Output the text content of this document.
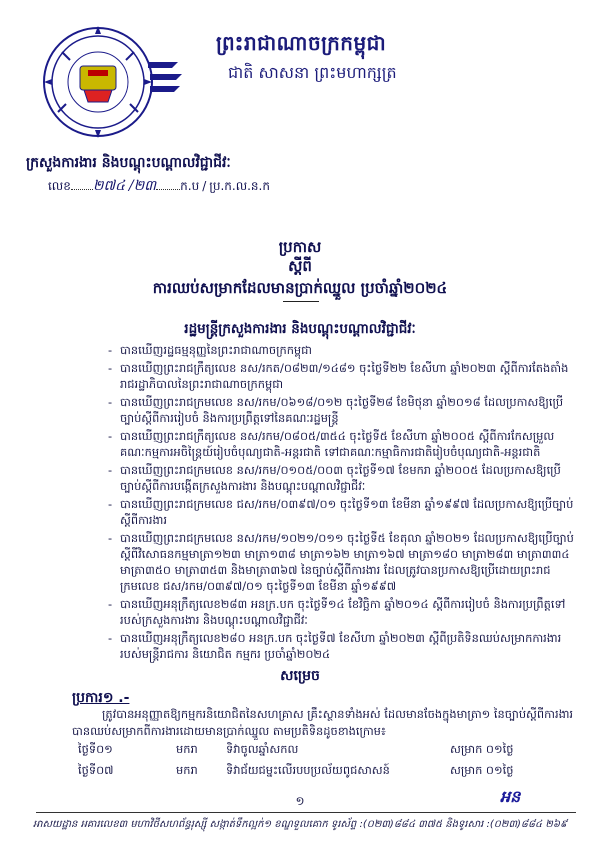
ព្រះរាជាណាចក្រកម្ពុជា
ជាតិ សាសនា ព្រះមហាក្សត្រ
ក្រសួងការងារ និងបណ្តុះបណ្តាលវិជ្ជាជីវៈ
លេខ ២៧៤ / ២៣ ក.ប / ប្រ.ក.ល.ន.ក
ប្រកាស
ស្តីពី
ការឈប់សម្រាកដែលមានប្រាក់ឈ្នួល ប្រចាំឆ្នាំ២០២៤
រដ្ឋមន្ត្រីក្រសួងការងារ និងបណ្តុះបណ្តាលវិជ្ជាជីវៈ
- បានឃើញរដ្ឋធម្មនុញ្ញនៃព្រះរាជាណាចក្រកម្ពុជា
- បានឃើញព្រះរាជក្រឹត្យលេខ នស/រកត/០៨២៣/១៤៨១ ចុះថ្ងៃទី២២ ខែសីហា ឆ្នាំ២០២៣ ស្តីពីការតែងតាំងរាជរដ្ឋាភិបាលនៃព្រះរាជាណាចក្រកម្ពុជា
- បានឃើញព្រះរាជក្រមលេខ នស/រកម/០៦១៨/០១២ ចុះថ្ងៃទី២៨ ខែមិថុនា ឆ្នាំ២០១៨ ដែលប្រកាសឱ្យប្រើច្បាប់ស្តីពីការរៀបចំ និងការប្រព្រឹត្តទៅនៃគណៈរដ្ឋមន្ត្រី
- បានឃើញព្រះរាជក្រឹត្យលេខ នស/រកម/០៨០៥/៣៥៤ ចុះថ្ងៃទី៥ ខែសីហា ឆ្នាំ២០០៥ ស្តីពីការកែសម្រួលគណៈកម្មការអចិន្ត្រៃយ៍រៀបចំបុណ្យជាតិ-អន្តរជាតិ ទៅជាគណៈកម្មាធិការជាតិរៀបចំបុណ្យជាតិ-អន្តរជាតិ
- បានឃើញព្រះរាជក្រមលេខ នស/រកម/០១០៥/០០៣ ចុះថ្ងៃទី១៧ ខែមករា ឆ្នាំ២០០៥ ដែលប្រកាសឱ្យប្រើច្បាប់ស្តីពីការបង្កើតក្រសួងការងារ និងបណ្តុះបណ្តាលវិជ្ជាជីវៈ
- បានឃើញព្រះរាជក្រមលេខ ជស/រកម/០៣៩៧/០១ ចុះថ្ងៃទី១៣ ខែមីនា ឆ្នាំ១៩៩៧ ដែលប្រកាសឱ្យប្រើច្បាប់ស្តីពីការងារ
- បានឃើញព្រះរាជក្រមលេខ នស/រកម/១០២១/០១១ ចុះថ្ងៃទី៥ ខែតុលា ឆ្នាំ២០២១ ដែលប្រកាសឱ្យប្រើច្បាប់ស្តីពីវិសោធនកម្មមាត្រា១២៣ មាត្រា១៣៨ មាត្រា១៦២ មាត្រា១៦៧ មាត្រា១៨០ មាត្រា២៨៣ មាត្រា៣៣៤ មាត្រា៣៥០ មាត្រា៣៥៣ និងមាត្រា៣៦៧ នៃច្បាប់ស្តីពីការងារ ដែលត្រូវបានប្រកាសឱ្យប្រើដោយព្រះរាជក្រមលេខ ជស/រកម/០៣៩៧/០១ ចុះថ្ងៃទី១៣ ខែមីនា ឆ្នាំ១៩៩៧
- បានឃើញអនុក្រឹត្យលេខ២៨៣ អនក្រ.បក ចុះថ្ងៃទី១៤ ខែវិច្ឆិកា ឆ្នាំ២០១៤ ស្តីពីការរៀបចំ និងការប្រព្រឹត្តទៅរបស់ក្រសួងការងារ និងបណ្តុះបណ្តាលវិជ្ជាជីវៈ
- បានឃើញអនុក្រឹត្យលេខ២៨០ អនក្រ.បក ចុះថ្ងៃទី៧ ខែសីហា ឆ្នាំ២០២៣ ស្តីពីប្រតិទិនឈប់សម្រាកការងាររបស់មន្ត្រីរាជការ និយោជិត កម្មករ ប្រចាំឆ្នាំ២០២៤
សម្រេច
ប្រការ១ .-
ត្រូវបានអនុញ្ញាតឱ្យកម្មករនិយោជិតនៃសហគ្រាស គ្រឹះស្ថានទាំងអស់ ដែលមានចែងក្នុងមាត្រា១ នៃច្បាប់ស្តីពីការងារ បានឈប់សម្រាកពីការងារដោយមានប្រាក់ឈ្នួល តាមប្រតិទិនដូចខាងក្រោម៖
ថ្ងៃទី០១	មករា ទិវាចូលឆ្នាំសកល	សម្រាក ០១ថ្ងៃ
ថ្ងៃទី០៧	មករា ទិវាជ័យជម្នះលើរបបប្រល័យពូជសាសន៍	សម្រាក ០១ថ្ងៃ
១	អន
អាសយដ្ឋាន អគារលេខ៣ មហាវិថីសហព័ន្ធរុស្ស៊ី សង្កាត់ទឹកល្អក់១ ខណ្ឌទួលគោក ទូរស័ព្ទ :(០២៣)៨៨៤ ៣៧៥ និងទូរសារ :(០២៣)៨៨៤ ២៦៩
